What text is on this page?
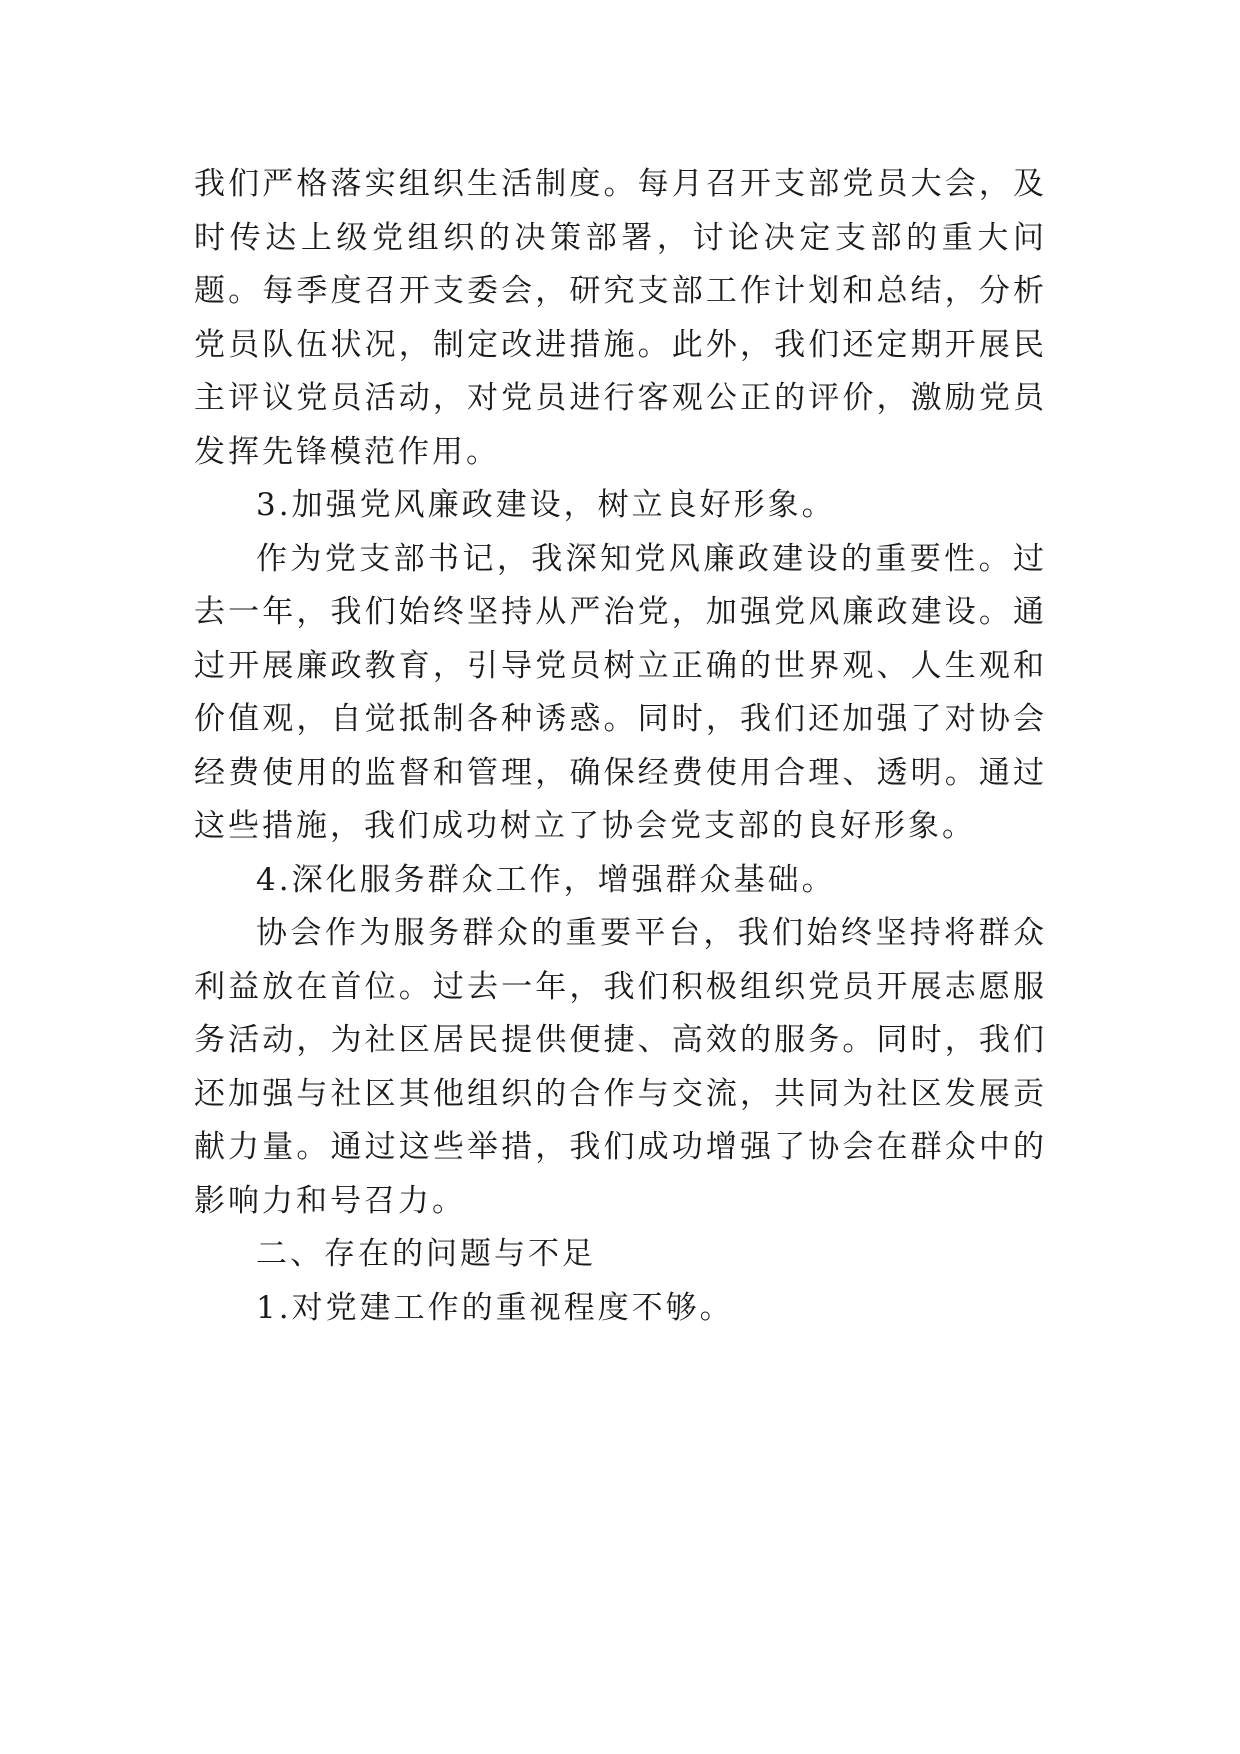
我们严格落实组织生活制度。每月召开支部党员大会，及时传达上级党组织的决策部署，讨论决定支部的重大问题。每季度召开支委会，研究支部工作计划和总结，分析党员队伍状况，制定改进措施。此外，我们还定期开展民主评议党员活动，对党员进行客观公正的评价，激励党员发挥先锋模范作用。

3.加强党风廉政建设，树立良好形象。

作为党支部书记，我深知党风廉政建设的重要性。过去一年，我们始终坚持从严治党，加强党风廉政建设。通过开展廉政教育，引导党员树立正确的世界观、人生观和价值观，自觉抵制各种诱惑。同时，我们还加强了对协会经费使用的监督和管理，确保经费使用合理、透明。通过这些措施，我们成功树立了协会党支部的良好形象。

4.深化服务群众工作，增强群众基础。

协会作为服务群众的重要平台，我们始终坚持将群众利益放在首位。过去一年，我们积极组织党员开展志愿服务活动，为社区居民提供便捷、高效的服务。同时，我们还加强与社区其他组织的合作与交流，共同为社区发展贡献力量。通过这些举措，我们成功增强了协会在群众中的影响力和号召力。

二、存在的问题与不足

1.对党建工作的重视程度不够。
